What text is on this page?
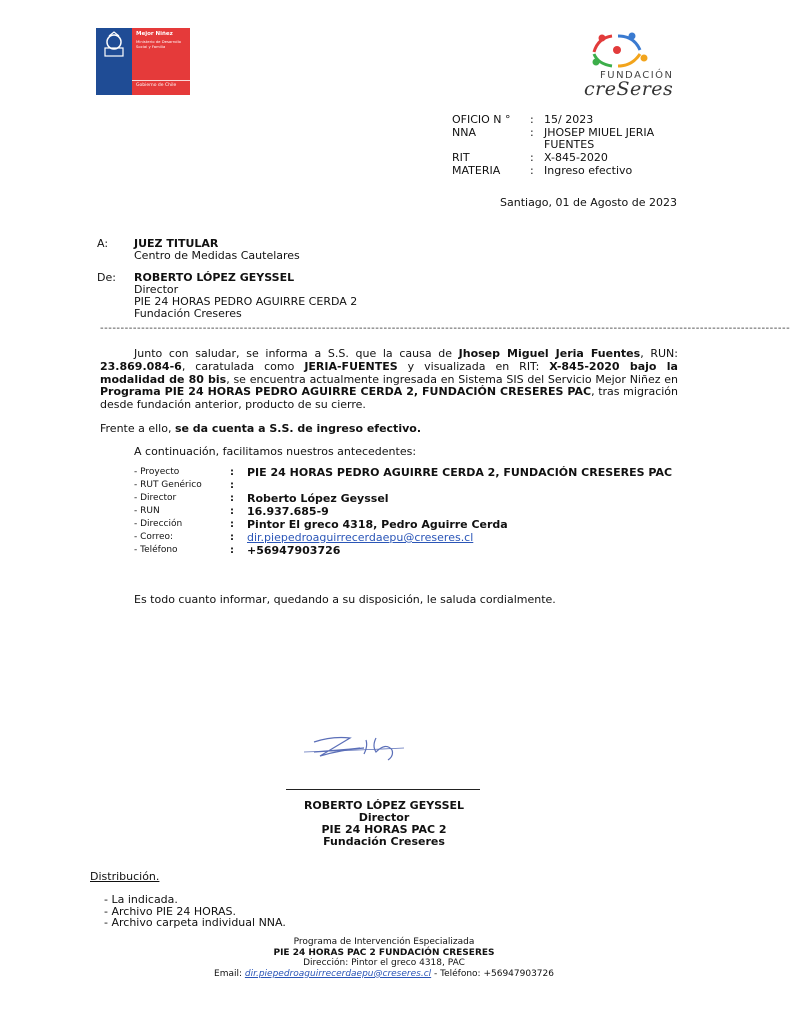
Mejor Niñez
Ministerio de Desarrollo Social y Familia
Gobierno de Chile
FUNDACIÓN
creSeres
OFICIO N °	: 15/ 2023
NNA	: JHOSEP MIUEL JERIA FUENTES
RIT	: X-845-2020
MATERIA	: Ingreso efectivo
Santiago, 01 de Agosto de 2023
A: JUEZ TITULAR
Centro de Medidas Cautelares
De: ROBERTO LÓPEZ GEYSSEL
Director
PIE 24 HORAS PEDRO AGUIRRE CERDA 2
Fundación Creseres
------------------------------------------------------------------------------------------------------------------------------------------------------------------------
Junto con saludar, se informa a S.S. que la causa de Jhosep Miguel Jeria Fuentes, RUN: 23.869.084-6, caratulada como JERIA-FUENTES y visualizada en RIT: X-845-2020 bajo la modalidad de 80 bis, se encuentra actualmente ingresada en Sistema SIS del Servicio Mejor Niñez en Programa PIE 24 HORAS PEDRO AGUIRRE CERDA 2, FUNDACIÓN CRESERES PAC, tras migración desde fundación anterior, producto de su cierre.
Frente a ello, se da cuenta a S.S. de ingreso efectivo.
A continuación, facilitamos nuestros antecedentes:
- Proyecto	:	PIE 24 HORAS PEDRO AGUIRRE CERDA 2, FUNDACIÓN CRESERES PAC
- RUT Genérico	:
- Director	:	Roberto López Geyssel
- RUN	:	16.937.685-9
- Dirección	:	Pintor El greco 4318, Pedro Aguirre Cerda
- Correo:	:	dir.piepedroaguirrecerdaepu@creseres.cl
- Teléfono	:	+56947903726
Es todo cuanto informar, quedando a su disposición, le saluda cordialmente.
ROBERTO LÓPEZ GEYSSEL
Director
PIE 24 HORAS PAC 2
Fundación Creseres
Distribución.
- La indicada.
- Archivo PIE 24 HORAS.
- Archivo carpeta individual NNA.
Programa de Intervención Especializada
PIE 24 HORAS PAC 2 FUNDACIÓN CRESERES
Dirección: Pintor el greco 4318, PAC
Email: dir.piepedroaguirrecerdaepu@creseres.cl - Teléfono: +56947903726
